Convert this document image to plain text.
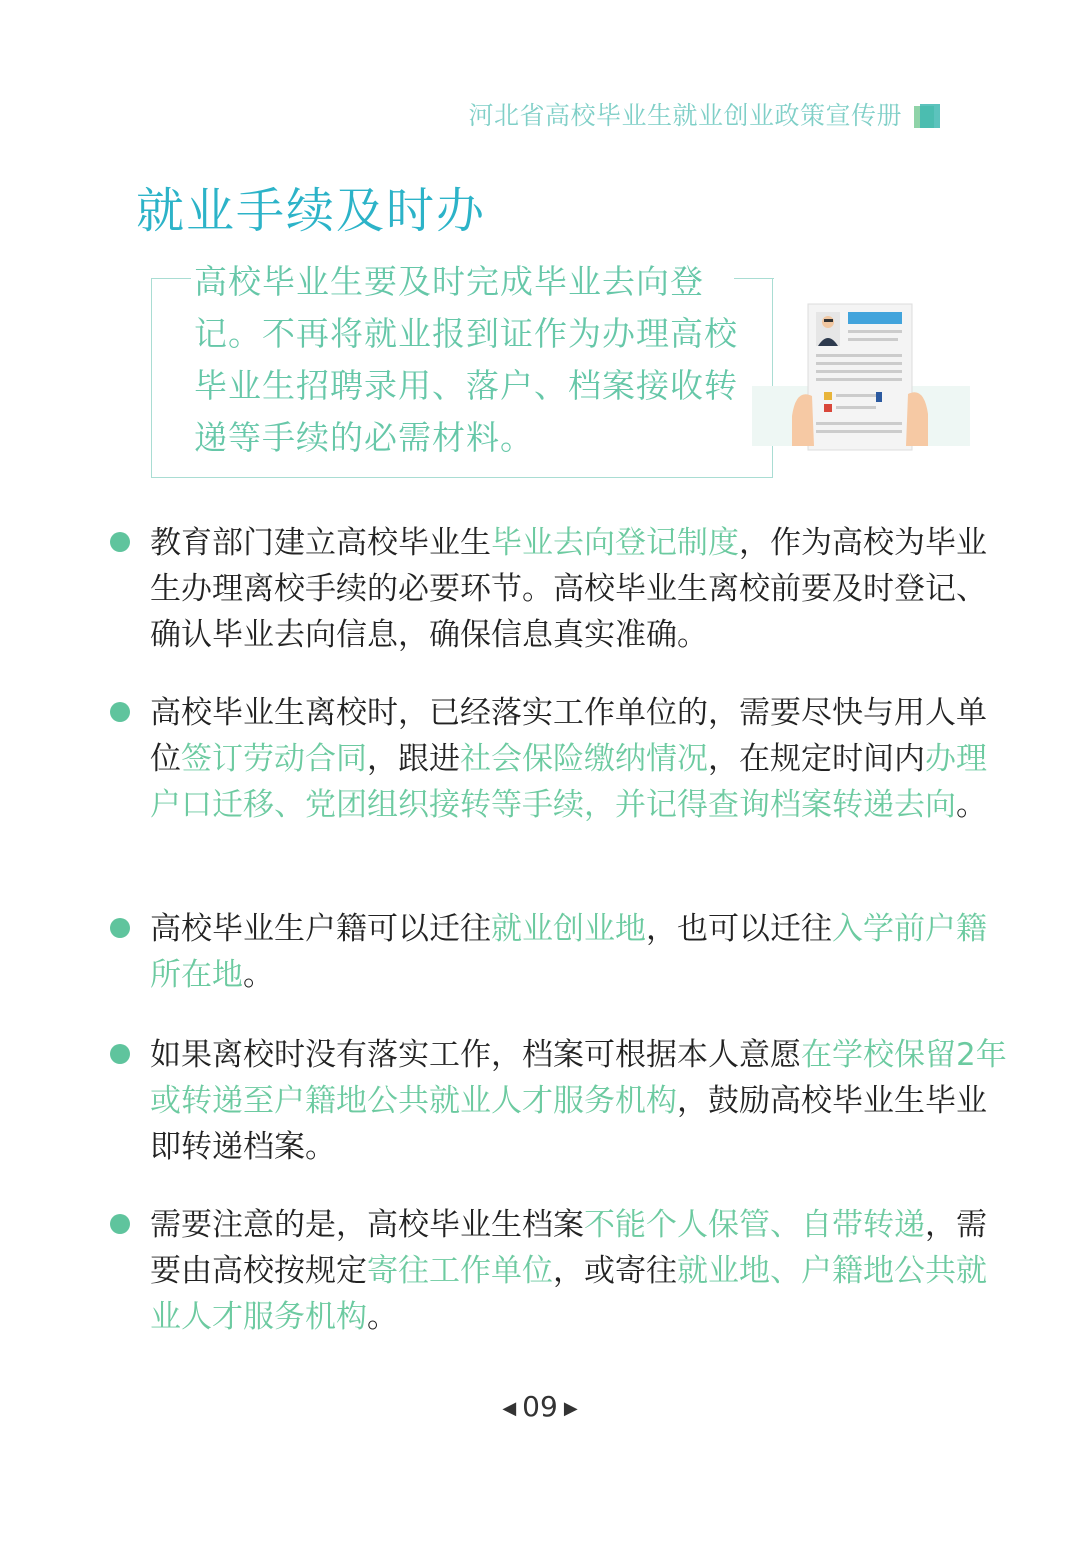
河北省高校毕业生就业创业政策宣传册
就业手续及时办
高校毕业生要及时完成毕业去向登记。不再将就业报到证作为办理高校毕业生招聘录用、落户、档案接收转递等手续的必需材料。
教育部门建立高校毕业生毕业去向登记制度，作为高校为毕业生办理离校手续的必要环节。高校毕业生离校前要及时登记、确认毕业去向信息，确保信息真实准确。
高校毕业生离校时，已经落实工作单位的，需要尽快与用人单位签订劳动合同，跟进社会保险缴纳情况，在规定时间内办理户口迁移、党团组织接转等手续，并记得查询档案转递去向。
高校毕业生户籍可以迁往就业创业地，也可以迁往入学前户籍所在地。
如果离校时没有落实工作，档案可根据本人意愿在学校保留2年或转递至户籍地公共就业人才服务机构，鼓励高校毕业生毕业即转递档案。
需要注意的是，高校毕业生档案不能个人保管、自带转递，需要由高校按规定寄往工作单位，或寄往就业地、户籍地公共就业人才服务机构。
◀ 09 ▶
